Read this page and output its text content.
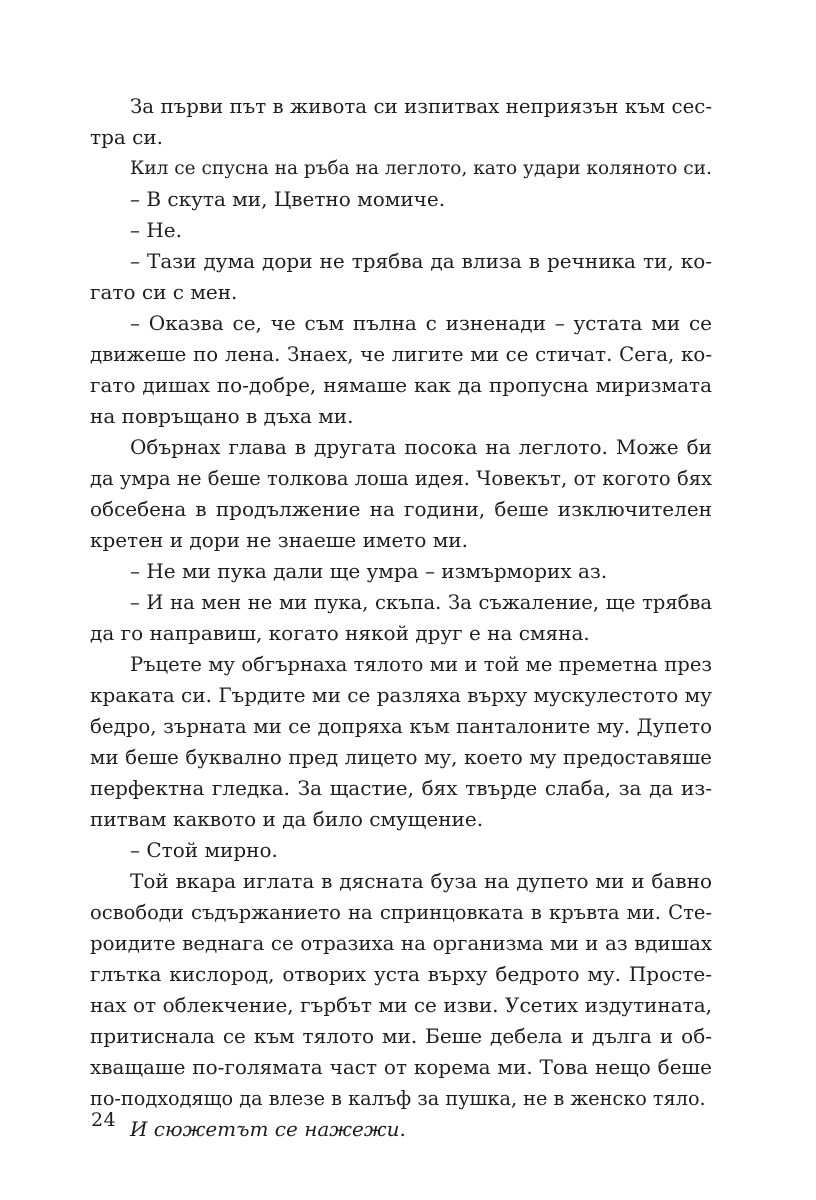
За първи път в живота си изпитвах неприязън към сес-
тра си.
Кил се спусна на ръба на леглото, като удари коляното си.
– В скута ми, Цветно момиче.
– Не.
– Тази дума дори не трябва да влиза в речника ти, ко-
гато си с мен.
– Оказва се, че съм пълна с изненади – устата ми се
движеше по лена. Знаех, че лигите ми се стичат. Сега, ко-
гато дишах по-добре, нямаше как да пропусна миризмата
на повръщано в дъха ми.
Обърнах глава в другата посока на леглото. Може би
да умра не беше толкова лоша идея. Човекът, от когото бях
обсебена в продължение на години, беше изключителен
кретен и дори не знаеше името ми.
– Не ми пука дали ще умра – измърморих аз.
– И на мен не ми пука, скъпа. За съжаление, ще трябва
да го направиш, когато някой друг е на смяна.
Ръцете му обгърнаха тялото ми и той ме преметна през
краката си. Гърдите ми се разляха върху мускулестото му
бедро, зърната ми се допряха към панталоните му. Дупето
ми беше буквално пред лицето му, което му предоставяше
перфектна гледка. За щастие, бях твърде слаба, за да из-
питвам каквото и да било смущение.
– Стой мирно.
Той вкара иглата в дясната буза на дупето ми и бавно
освободи съдържанието на спринцовката в кръвта ми. Сте-
роидите веднага се отразиха на организма ми и аз вдишах
глътка кислород, отворих уста върху бедрото му. Простe-
нах от облекчение, гърбът ми се изви. Усетих издутината,
притиснала се към тялото ми. Беше дебела и дълга и об-
хващаше по-голямата част от корема ми. Това нещо беше
по-подходящо да влезе в калъф за пушка, не в женско тяло.
И сюжетът се нажежи.
24
